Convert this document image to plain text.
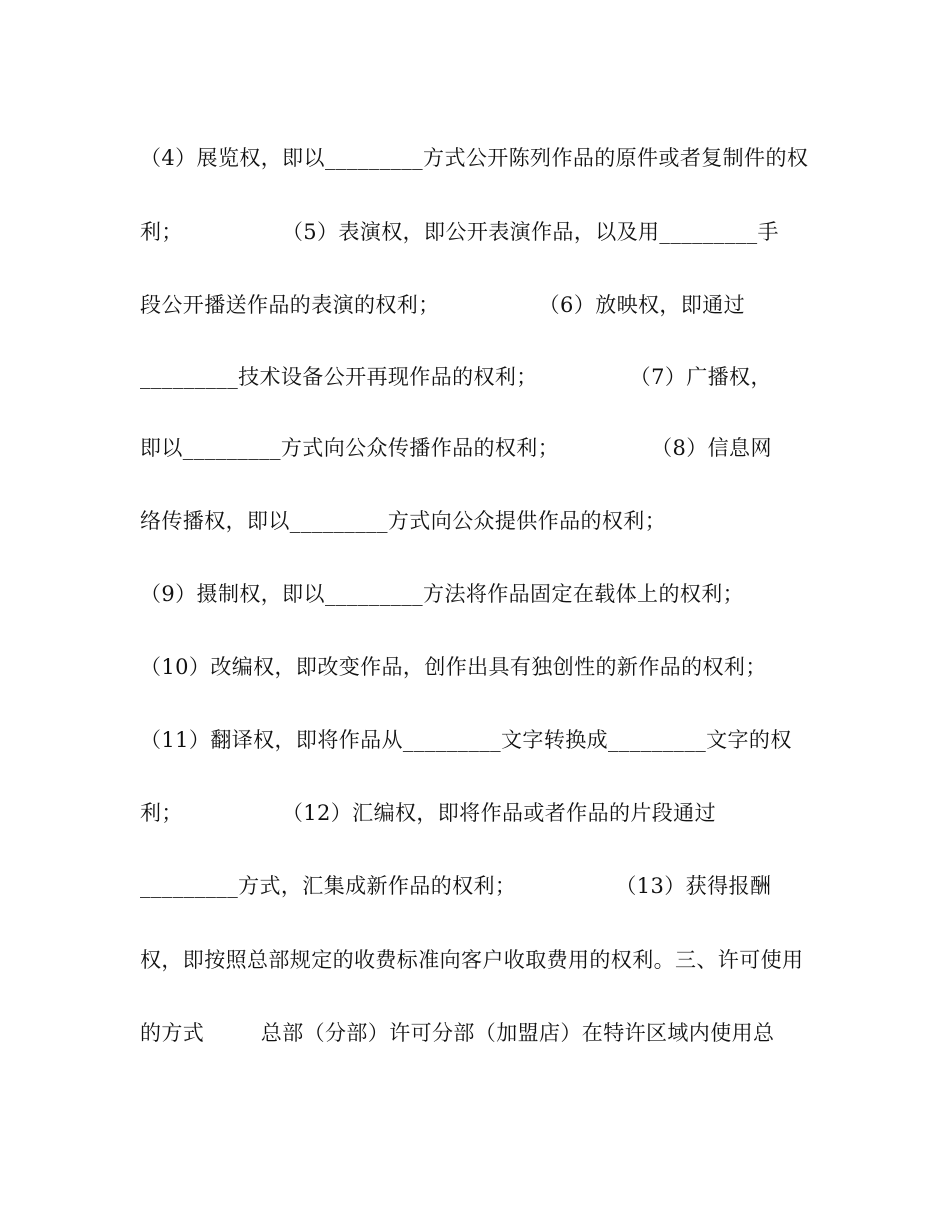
（4）展览权，即以_________方式公开陈列作品的原件或者复制件的权
利；              （5）表演权，即公开表演作品，以及用_________手
段公开播送作品的表演的权利；              （6）放映权，即通过
_________技术设备公开再现作品的权利；             （7）广播权，
即以_________方式向公众传播作品的权利；             （8）信息网
络传播权，即以_________方式向公众提供作品的权利；
（9）摄制权，即以_________方法将作品固定在载体上的权利；
（10）改编权，即改变作品，创作出具有独创性的新作品的权利；
（11）翻译权，即将作品从_________文字转换成_________文字的权
利；              （12）汇编权，即将作品或者作品的片段通过
_________方式，汇集成新作品的权利；              （13）获得报酬
权，即按照总部规定的收费标准向客户收取费用的权利。三、许可使用
的方式        总部（分部）许可分部（加盟店）在特许区域内使用总
